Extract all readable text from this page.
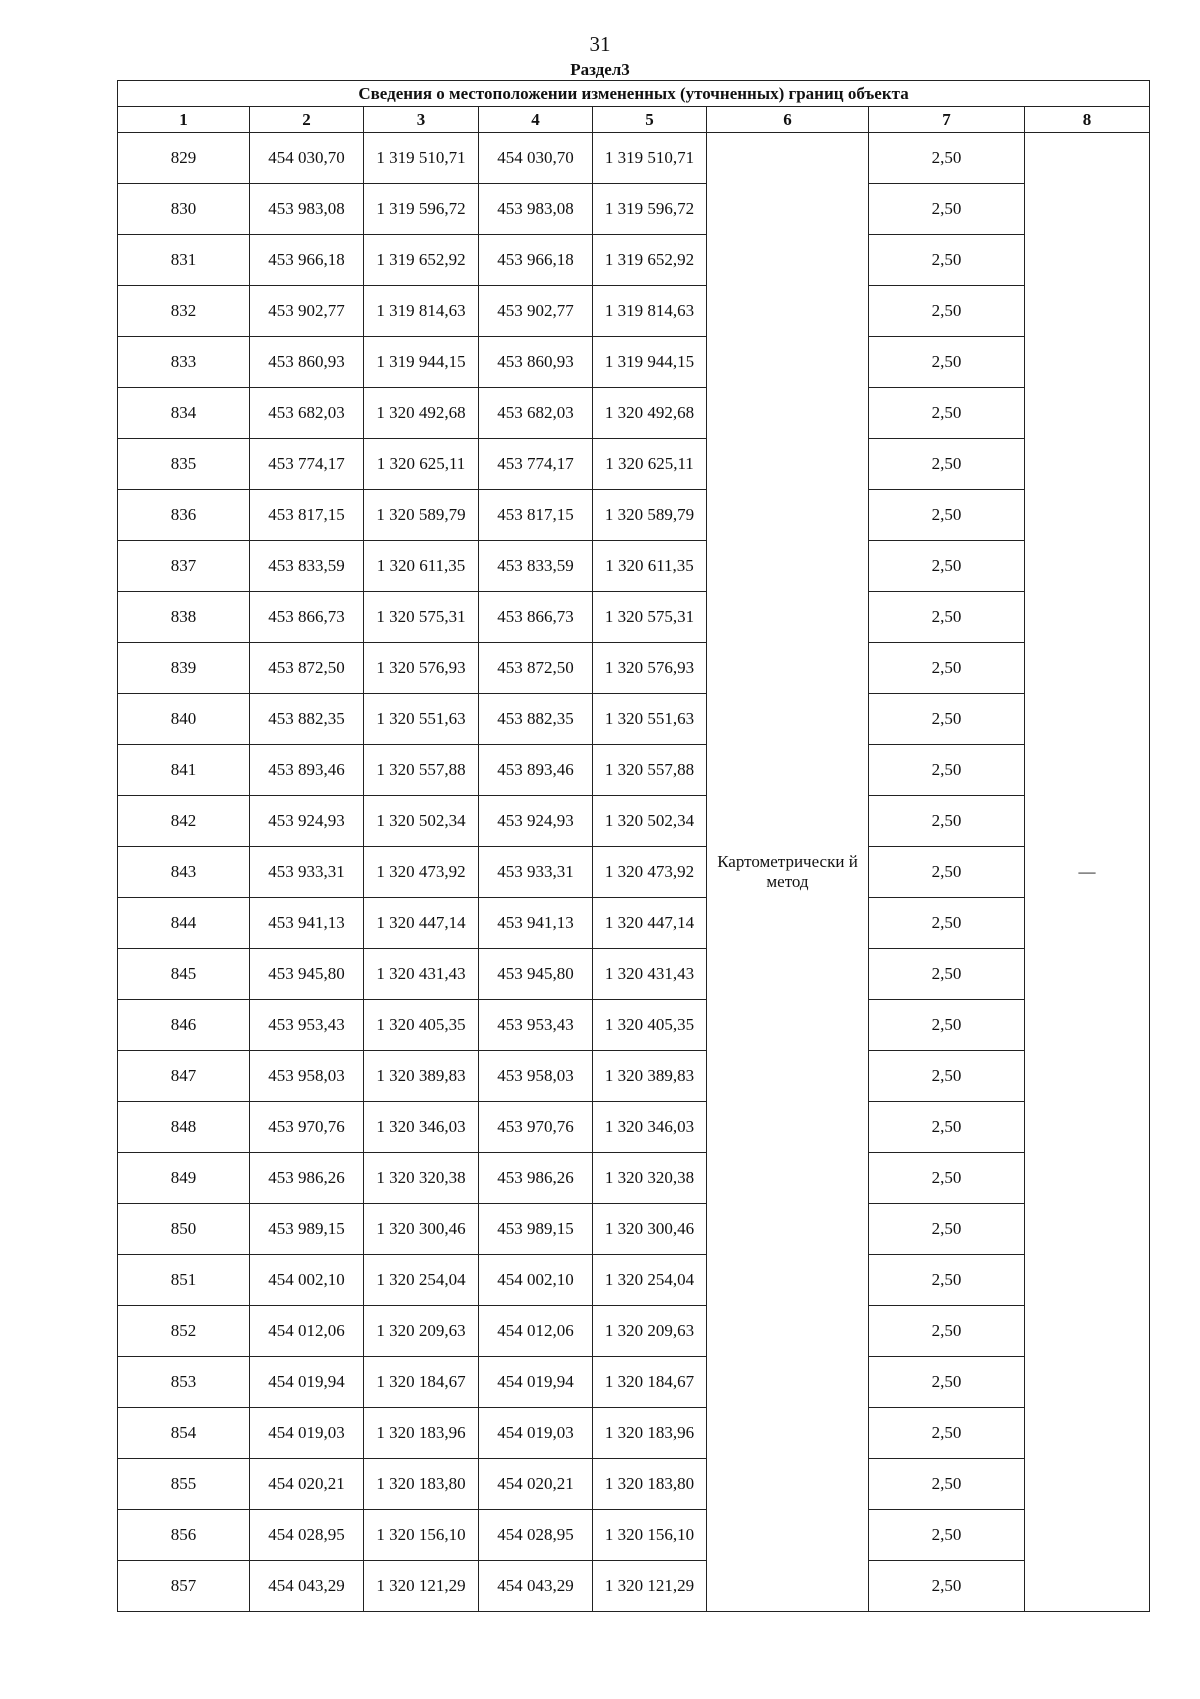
31
Раздел3
Сведения о местоположении измененных (уточненных) границ объекта							
1	2	3	4	5	6	7	8
829	454 030,70	1 319 510,71	454 030,70	1 319 510,71	Картометрически й метод	2,50	—
830	453 983,08	1 319 596,72	453 983,08	1 319 596,72		2,50	
831	453 966,18	1 319 652,92	453 966,18	1 319 652,92		2,50	
832	453 902,77	1 319 814,63	453 902,77	1 319 814,63		2,50	
833	453 860,93	1 319 944,15	453 860,93	1 319 944,15		2,50	
834	453 682,03	1 320 492,68	453 682,03	1 320 492,68		2,50	
835	453 774,17	1 320 625,11	453 774,17	1 320 625,11		2,50	
836	453 817,15	1 320 589,79	453 817,15	1 320 589,79		2,50	
837	453 833,59	1 320 611,35	453 833,59	1 320 611,35		2,50	
838	453 866,73	1 320 575,31	453 866,73	1 320 575,31		2,50	
839	453 872,50	1 320 576,93	453 872,50	1 320 576,93		2,50	
840	453 882,35	1 320 551,63	453 882,35	1 320 551,63		2,50	
841	453 893,46	1 320 557,88	453 893,46	1 320 557,88		2,50	
842	453 924,93	1 320 502,34	453 924,93	1 320 502,34		2,50	
843	453 933,31	1 320 473,92	453 933,31	1 320 473,92		2,50	
844	453 941,13	1 320 447,14	453 941,13	1 320 447,14		2,50	
845	453 945,80	1 320 431,43	453 945,80	1 320 431,43		2,50	
846	453 953,43	1 320 405,35	453 953,43	1 320 405,35		2,50	
847	453 958,03	1 320 389,83	453 958,03	1 320 389,83		2,50	
848	453 970,76	1 320 346,03	453 970,76	1 320 346,03		2,50	
849	453 986,26	1 320 320,38	453 986,26	1 320 320,38		2,50	
850	453 989,15	1 320 300,46	453 989,15	1 320 300,46		2,50	
851	454 002,10	1 320 254,04	454 002,10	1 320 254,04		2,50	
852	454 012,06	1 320 209,63	454 012,06	1 320 209,63		2,50	
853	454 019,94	1 320 184,67	454 019,94	1 320 184,67		2,50	
854	454 019,03	1 320 183,96	454 019,03	1 320 183,96		2,50	
855	454 020,21	1 320 183,80	454 020,21	1 320 183,80		2,50	
856	454 028,95	1 320 156,10	454 028,95	1 320 156,10		2,50	
857	454 043,29	1 320 121,29	454 043,29	1 320 121,29		2,50	
